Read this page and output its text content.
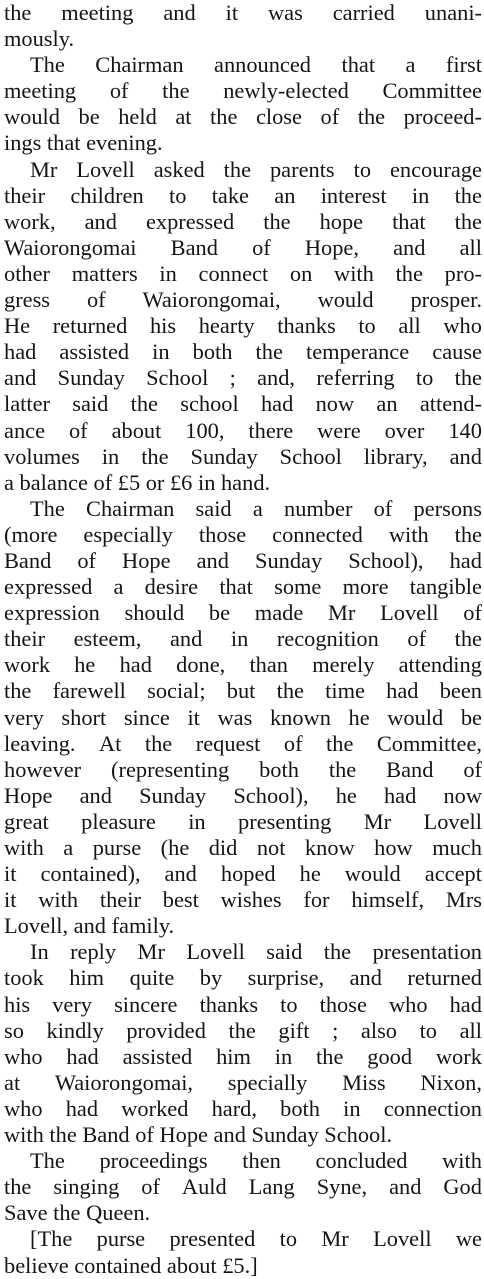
the meeting and it was carried unani-
mously.
The Chairman announced that a first
meeting of the newly-elected Committee
would be held at the close of the proceed-
ings that evening.
Mr Lovell asked the parents to encourage
their children to take an interest in the
work, and expressed the hope that the
Waiorongomai Band of Hope, and all
other matters in connect on with the pro-
gress of Waiorongomai, would prosper.
He returned his hearty thanks to all who
had assisted in both the temperance cause
and Sunday School ; and, referring to the
latter said the school had now an attend-
ance of about 100, there were over 140
volumes in the Sunday School library, and
a balance of £5 or £6 in hand.
The Chairman said a number of persons
(more especially those connected with the
Band of Hope and Sunday School), had
expressed a desire that some more tangible
expression should be made Mr Lovell of
their esteem, and in recognition of the
work he had done, than merely attending
the farewell social; but the time had been
very short since it was known he would be
leaving. At the request of the Committee,
however (representing both the Band of
Hope and Sunday School), he had now
great pleasure in presenting Mr Lovell
with a purse (he did not know how much
it contained), and hoped he would accept
it with their best wishes for himself, Mrs
Lovell, and family.
In reply Mr Lovell said the presentation
took him quite by surprise, and returned
his very sincere thanks to those who had
so kindly provided the gift ; also to all
who had assisted him in the good work
at Waiorongomai, specially Miss Nixon,
who had worked hard, both in connection
with the Band of Hope and Sunday School.
The proceedings then concluded with
the singing of Auld Lang Syne, and God
Save the Queen.
[The purse presented to Mr Lovell we
believe contained about £5.]
